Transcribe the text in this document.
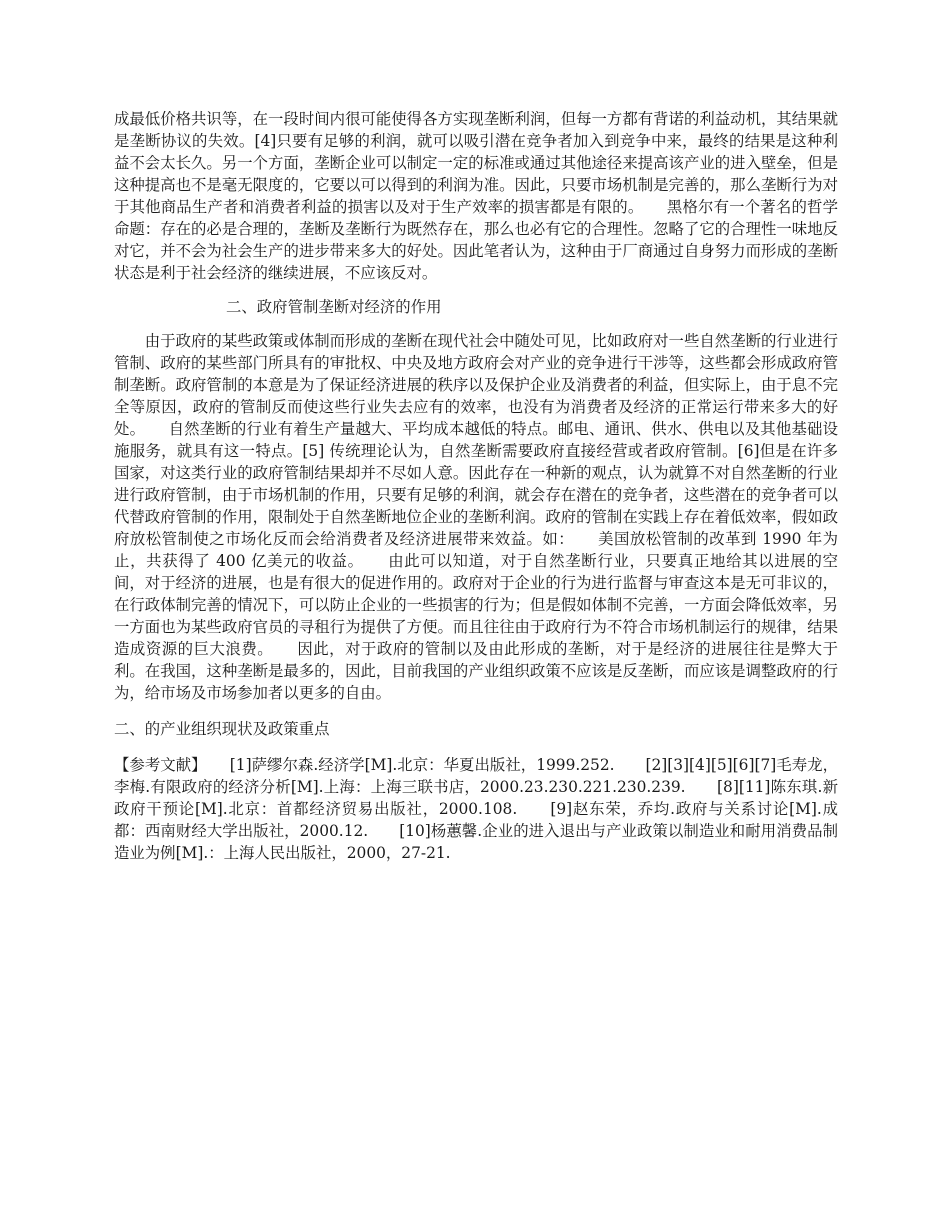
成最低价格共识等，在一段时间内很可能使得各方实现垄断利润，但每一方都有背诺的利益动机，其结果就是垄断协议的失效。[4]只要有足够的利润，就可以吸引潜在竞争者加入到竞争中来，最终的结果是这种利益不会太长久。另一个方面，垄断企业可以制定一定的标准或通过其他途径来提高该产业的进入壁垒，但是这种提高也不是毫无限度的，它要以可以得到的利润为准。因此，只要市场机制是完善的，那么垄断行为对于其他商品生产者和消费者利益的损害以及对于生产效率的损害都是有限的。　　黑格尔有一个著名的哲学命题：存在的必是合理的，垄断及垄断行为既然存在，那么也必有它的合理性。忽略了它的合理性一味地反对它，并不会为社会生产的进步带来多大的好处。因此笔者认为，这种由于厂商通过自身努力而形成的垄断状态是利于社会经济的继续进展，不应该反对。

二、政府管制垄断对经济的作用

由于政府的某些政策或体制而形成的垄断在现代社会中随处可见，比如政府对一些自然垄断的行业进行管制、政府的某些部门所具有的审批权、中央及地方政府会对产业的竞争进行干涉等，这些都会形成政府管制垄断。政府管制的本意是为了保证经济进展的秩序以及保护企业及消费者的利益，但实际上，由于息不完全等原因，政府的管制反而使这些行业失去应有的效率，也没有为消费者及经济的正常运行带来多大的好处。　　自然垄断的行业有着生产量越大、平均成本越低的特点。邮电、通讯、供水、供电以及其他基础设施服务，就具有这一特点。[5] 传统理论认为，自然垄断需要政府直接经营或者政府管制。[6]但是在许多国家，对这类行业的政府管制结果却并不尽如人意。因此存在一种新的观点，认为就算不对自然垄断的行业进行政府管制，由于市场机制的作用，只要有足够的利润，就会存在潜在的竞争者，这些潜在的竞争者可以代替政府管制的作用，限制处于自然垄断地位企业的垄断利润。政府的管制在实践上存在着低效率，假如政府放松管制使之市场化反而会给消费者及经济进展带来效益。如：　　美国放松管制的改革到 1990 年为止，共获得了 400 亿美元的收益。　　由此可以知道，对于自然垄断行业，只要真正地给其以进展的空间，对于经济的进展，也是有很大的促进作用的。政府对于企业的行为进行监督与审查这本是无可非议的，在行政体制完善的情况下，可以防止企业的一些损害的行为；但是假如体制不完善，一方面会降低效率，另一方面也为某些政府官员的寻租行为提供了方便。而且往往由于政府行为不符合市场机制运行的规律，结果造成资源的巨大浪费。　　因此，对于政府的管制以及由此形成的垄断，对于是经济的进展往往是弊大于利。在我国，这种垄断是最多的，因此，目前我国的产业组织政策不应该是反垄断，而应该是调整政府的行为，给市场及市场参加者以更多的自由。

二、的产业组织现状及政策重点

【参考文献】　　[1]萨缪尔森.经济学[M].北京：华夏出版社，1999.252.　　[2][3][4][5][6][7]毛寿龙，李梅.有限政府的经济分析[M].上海：上海三联书店，2000.23.230.221.230.239.　　[8][11]陈东琪.新政府干预论[M].北京：首都经济贸易出版社，2000.108.　　[9]赵东荣，乔均.政府与关系讨论[M].成都：西南财经大学出版社，2000.12.　　[10]杨蕙馨.企业的进入退出与产业政策以制造业和耐用消费品制造业为例[M].：上海人民出版社，2000，27-21.
